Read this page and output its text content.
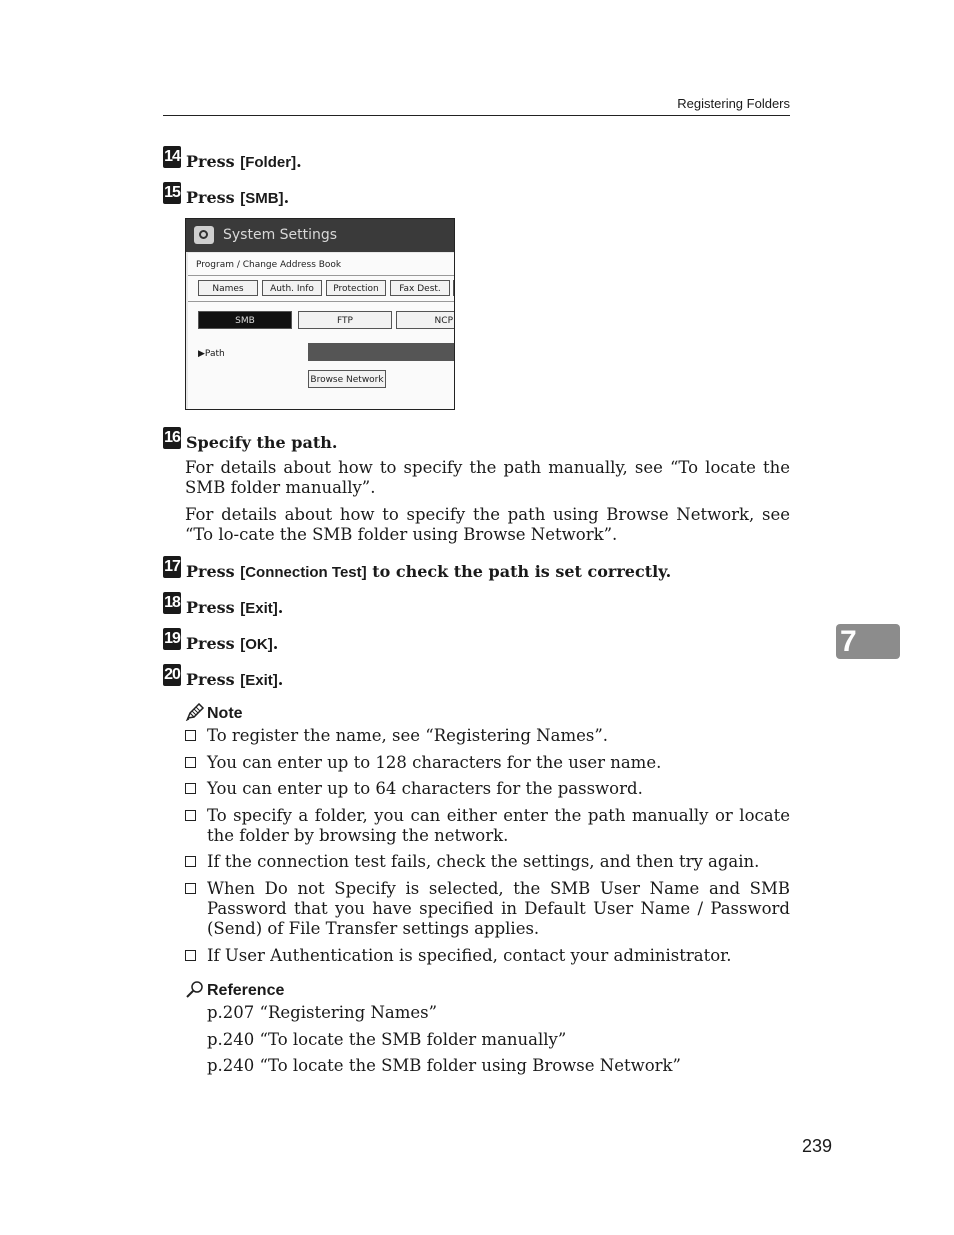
Registering Folders
14 Press [Folder].
15 Press [SMB].
System Settings
Program / Change Address Book
Names	Auth. Info	Protection	Fax Dest.
SMB	FTP	NCP
▶Path
Browse Network
16 Specify the path.
For details about how to specify the path manually, see “To locate the SMB folder manually”.
For details about how to specify the path using Browse Network, see “To lo-cate the SMB folder using Browse Network”.
17 Press [Connection Test] to check the path is set correctly.
18 Press [Exit].
19 Press [OK].
20 Press [Exit].
7
Note
To register the name, see “Registering Names”.
You can enter up to 128 characters for the user name.
You can enter up to 64 characters for the password.
To specify a folder, you can either enter the path manually or locate the folder by browsing the network.
If the connection test fails, check the settings, and then try again.
When Do not Specify is selected, the SMB User Name and SMB Password that you have specified in Default User Name / Password (Send) of File Transfer settings applies.
If User Authentication is specified, contact your administrator.
Reference
p.207 “Registering Names”
p.240 “To locate the SMB folder manually”
p.240 “To locate the SMB folder using Browse Network”
239
